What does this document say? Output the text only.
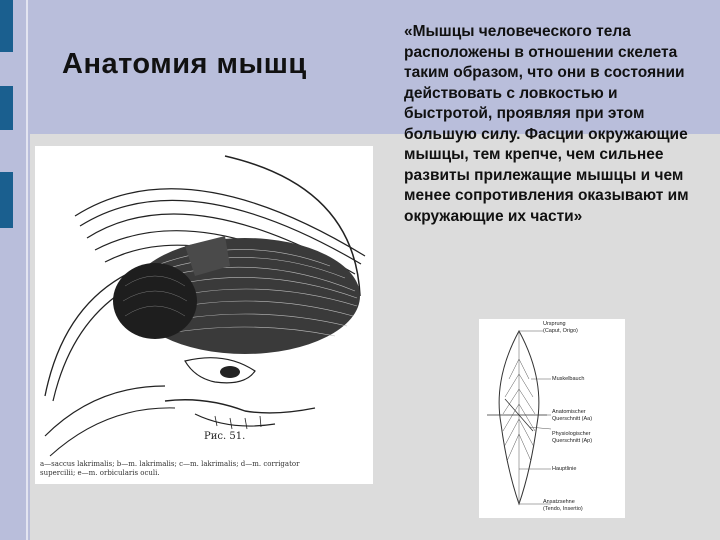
Анатомия мышц
«Мышцы человеческого тела расположены в отношении скелета таким образом, что они в состоянии действовать с ловкостью и быстротой, проявляя при этом большую силу. Фасции окружающие мышцы, тем крепче, чем сильнее развиты прилежащие мышцы и чем менее сопротивления оказывают им окружающие их части»
Рис. 51.
a—saccus lakrimalis; b—m. lakrimalis; c—m. lakrimalis; d—m. corrigator
supercilii; e—m. orbicularis oculi.
Ursprung
(Caput, Origo)
Muskelbauch
Anatomischer
Querschnitt (Aa)
Physiologischer
Querschnitt (Ap)
Hauptlinie
Ansatzsehne
(Tendo, Insertio)
